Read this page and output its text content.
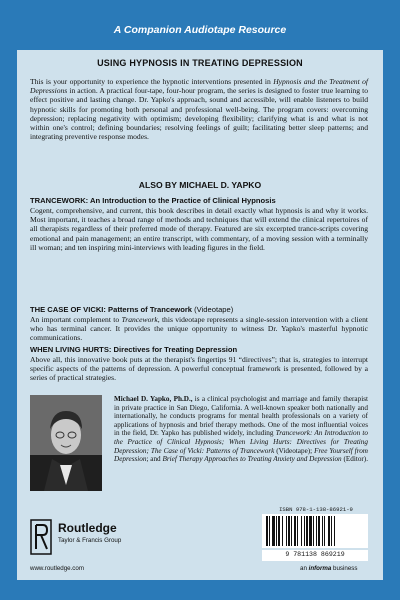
A Companion Audiotape Resource
USING HYPNOSIS IN TREATING DEPRESSION
This is your opportunity to experience the hypnotic interventions presented in Hypnosis and the Treatment of Depressions in action. A practical four-tape, four-hour program, the series is designed to foster true learning to effect positive and lasting change. Dr. Yapko's approach, sound and accessible, will enable listeners to build hypnotic skills for promoting both personal and professional well-being. The program covers: overcoming depression; replacing negativity with optimism; developing flexibility; clarifying what is and what is not within one's control; defining boundaries; resolving feelings of guilt; facilitating better sleep patterns; and integrating preventive response modes.
ALSO BY MICHAEL D. YAPKO
TRANCEWORK: An Introduction to the Practice of Clinical Hypnosis
Cogent, comprehensive, and current, this book describes in detail exactly what hypnosis is and why it works. Most important, it teaches a broad range of methods and techniques that will extend the clinical repertoires of all therapists regardless of their preferred mode of therapy. Featured are six excerpted trance-scripts covering emotional and pain management; an entire transcript, with commentary, of a moving session with a terminally ill woman; and ten inspiring mini-interviews with leading figures in the field.
THE CASE OF VICKI: Patterns of Trancework (Videotape)
An important complement to Trancework, this videotape represents a single-session intervention with a client who has terminal cancer. It provides the unique opportunity to witness Dr. Yapko's masterful hypnotic communications.
WHEN LIVING HURTS: Directives for Treating Depression
Above all, this innovative book puts at the therapist's fingertips 91 “directives”; that is, strategies to interrupt specific aspects of the patterns of depression. A powerful conceptual framework is presented, followed by a series of practical strategies.
Michael D. Yapko, Ph.D., is a clinical psychologist and marriage and family therapist in private practice in San Diego, California. A well-known speaker both nationally and internationally, he conducts programs for mental health professionals on a variety of applications of hypnosis and brief therapy methods. One of the most influential voices in the field, Dr. Yapko has published widely, including Trancework: An Introduction to the Practice of Clinical Hypnosis; When Living Hurts: Directives for Treating Depression; The Case of Vicki: Patterns of Trancework (Videotape); Free Yourself from Depression; and Brief Therapy Approaches to Treating Anxiety and Depression (Editor).
ISBN 978-1-138-86921-9
9 781138 869219
Routledge
Taylor & Francis Group
www.routledge.com	an informa business
